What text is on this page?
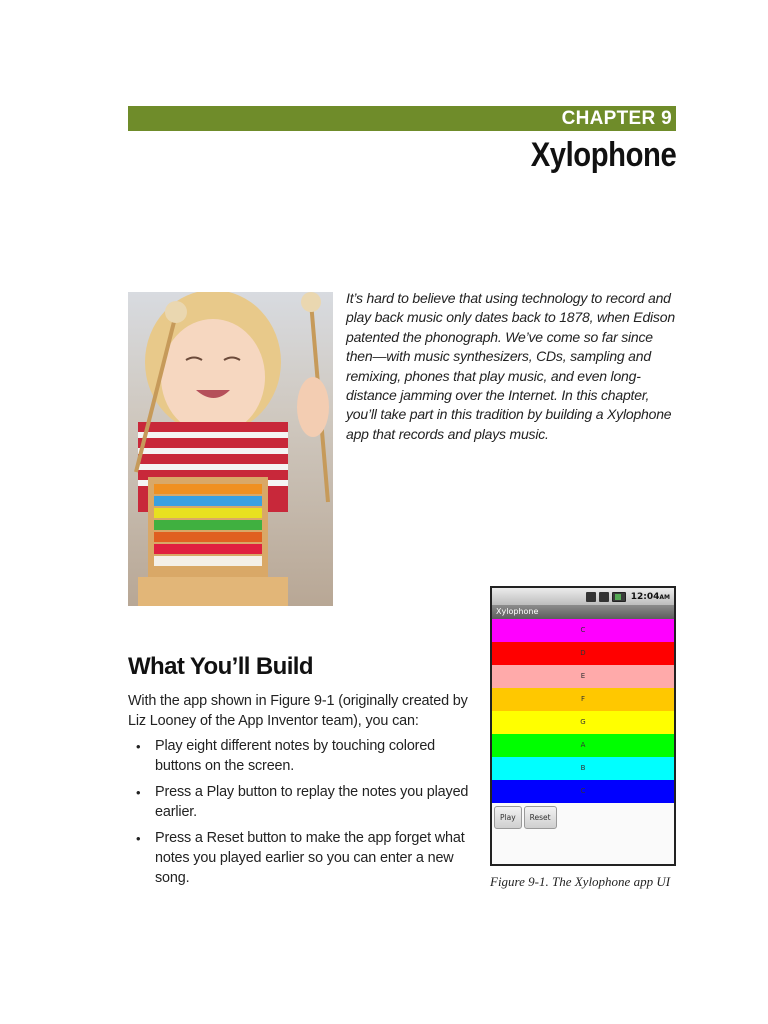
CHAPTER 9
Xylophone
It’s hard to believe that using technology to record and play back music only dates back to 1878, when Edison patented the phonograph. We’ve come so far since then—with music synthesizers, CDs, sampling and remixing, phones that play music, and even long-distance jamming over the Internet. In this chapter, you’ll take part in this tradition by building a Xylophone app that records and plays music.
What You’ll Build
With the app shown in Figure 9-1 (originally created by Liz Looney of the App Inventor team), you can:
• Play eight different notes by touching colored buttons on the screen.
• Press a Play button to replay the notes you played earlier.
• Press a Reset button to make the app forget what notes you played earlier so you can enter a new song.
12:04AM
Xylophone
C
D
E
F
G
A
B
C
Play	Reset
Figure 9-1. The Xylophone app UI
